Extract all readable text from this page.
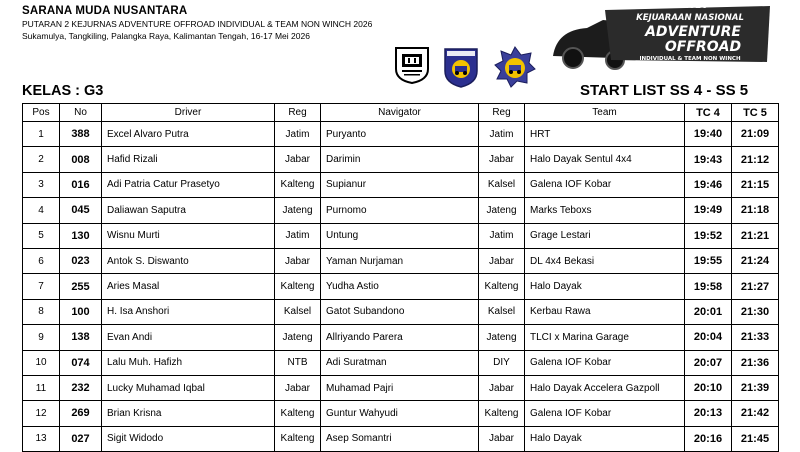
SARANA MUDA NUSANTARA
PUTARAN 2 KEJURNAS ADVENTURE OFFROAD INDIVIDUAL & TEAM NON WINCH 2026
Sukamulya, Tangkiling, Palangka Raya, Kalimantan Tengah, 16-17 Mei 2026
2026
KEJUARAAN NASIONAL
ADVENTURE
OFFROAD
INDIVIDUAL & TEAM NON WINCH
KELAS : G3	START LIST SS 4 - SS 5
Pos	No	Driver	Reg	Navigator	Reg	Team	TC 4	TC 5
1	388	Excel Alvaro Putra	Jatim	Puryanto	Jatim	HRT	19:40	21:09
2	008	Hafid Rizali	Jabar	Darimin	Jabar	Halo Dayak Sentul 4x4	19:43	21:12
3	016	Adi Patria Catur Prasetyo	Kalteng	Supianur	Kalsel	Galena IOF Kobar	19:46	21:15
4	045	Daliawan Saputra	Jateng	Purnomo	Jateng	Marks Teboxs	19:49	21:18
5	130	Wisnu Murti	Jatim	Untung	Jatim	Grage Lestari	19:52	21:21
6	023	Antok S. Diswanto	Jabar	Yaman Nurjaman	Jabar	DL 4x4 Bekasi	19:55	21:24
7	255	Aries Masal	Kalteng	Yudha Astio	Kalteng	Halo Dayak	19:58	21:27
8	100	H. Isa Anshori	Kalsel	Gatot Subandono	Kalsel	Kerbau Rawa	20:01	21:30
9	138	Evan Andi	Jateng	Allriyando Parera	Jateng	TLCI x Marina Garage	20:04	21:33
10	074	Lalu Muh. Hafizh	NTB	Adi Suratman	DIY	Galena IOF Kobar	20:07	21:36
11	232	Lucky Muhamad Iqbal	Jabar	Muhamad Pajri	Jabar	Halo Dayak Accelera Gazpoll	20:10	21:39
12	269	Brian Krisna	Kalteng	Guntur Wahyudi	Kalteng	Galena IOF Kobar	20:13	21:42
13	027	Sigit Widodo	Kalteng	Asep Somantri	Jabar	Halo Dayak	20:16	21:45
